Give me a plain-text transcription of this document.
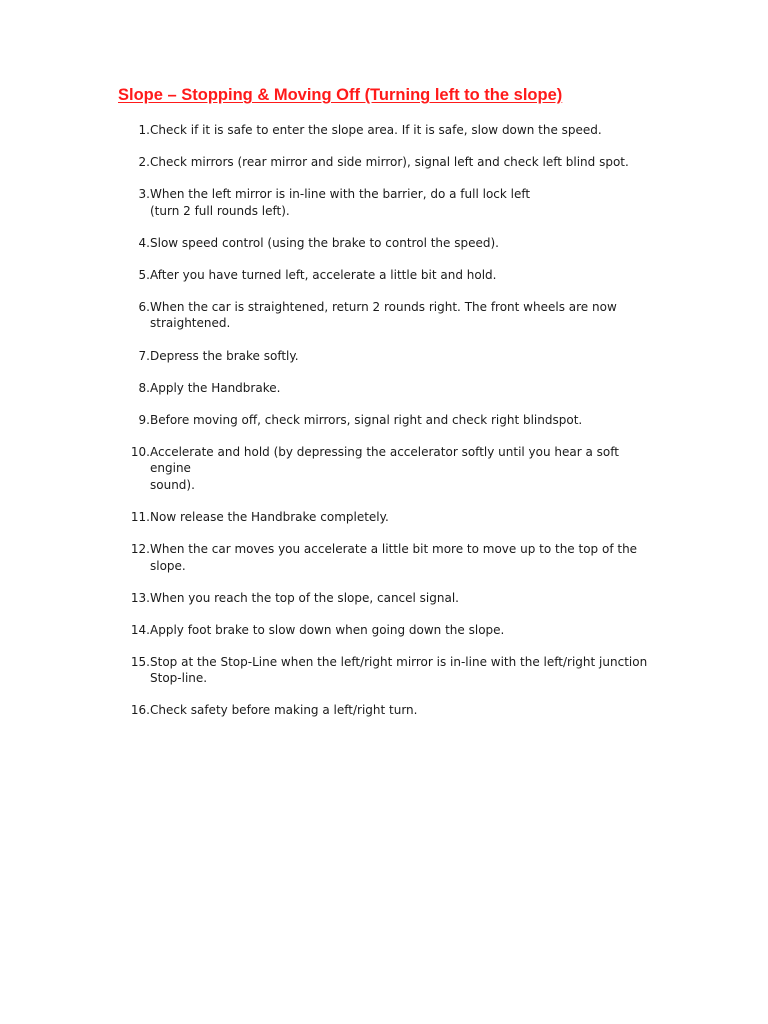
Slope – Stopping & Moving Off (Turning left to the slope)
1. Check if it is safe to enter the slope area. If it is safe, slow down the speed.
2. Check mirrors (rear mirror and side mirror), signal left and check left blind spot.
3. When the left mirror is in-line with the barrier, do a full lock left
(turn 2 full rounds left).
4. Slow speed control (using the brake to control the speed).
5. After you have turned left, accelerate a little bit and hold.
6. When the car is straightened, return 2 rounds right. The front wheels are now
straightened.
7. Depress the brake softly.
8. Apply the Handbrake.
9. Before moving off, check mirrors, signal right and check right blindspot.
10. Accelerate and hold (by depressing the accelerator softly until you hear a soft engine
sound).
11. Now release the Handbrake completely.
12. When the car moves you accelerate a little bit more to move up to the top of the
slope.
13. When you reach the top of the slope, cancel signal.
14. Apply foot brake to slow down when going down the slope.
15. Stop at the Stop-Line when the left/right mirror is in-line with the left/right junction
Stop-line.
16. Check safety before making a left/right turn.
